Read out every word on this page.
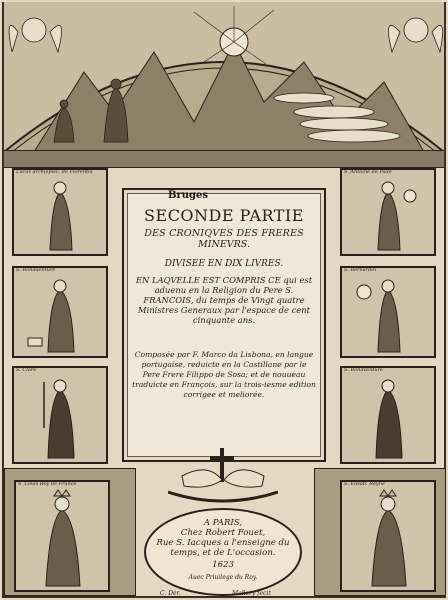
Lucas archiepisc. de Florentia
S. Bonauenture
S. Clare
S. Louis Roy de France
S. Antoine de Pade
S. Bernardin
S. Bonaventure
S. Elisab. Reyne
SECONDE PARTIE
DES CRONIQVES DES FRERES
MINEVRS.
DIVISEE EN DIX LIVRES.
EN LAQVELLE EST COMPRIS CE qui est aduenu en la Religion du Pere S. FRANCOIS, du temps de Vingt quatre Ministres Generaux par l'espace de cent cinquante ans.
Composée par F. Marco da Lisbona, en langue portugaise, reduicte en la Castillane par le Pere Frere Filippo de Sosa; et de nouueau traduicte en François, sur la trois-iesme edition corrigee et meliorée.
Bruges
A PARIS,
Chez Robert Fouet,
Rue S. Iacques a l'enseigne du
temps, et de L'occasion.
1623
Auec Priuilege du Roy.
C. Der.	Mallery fecit
